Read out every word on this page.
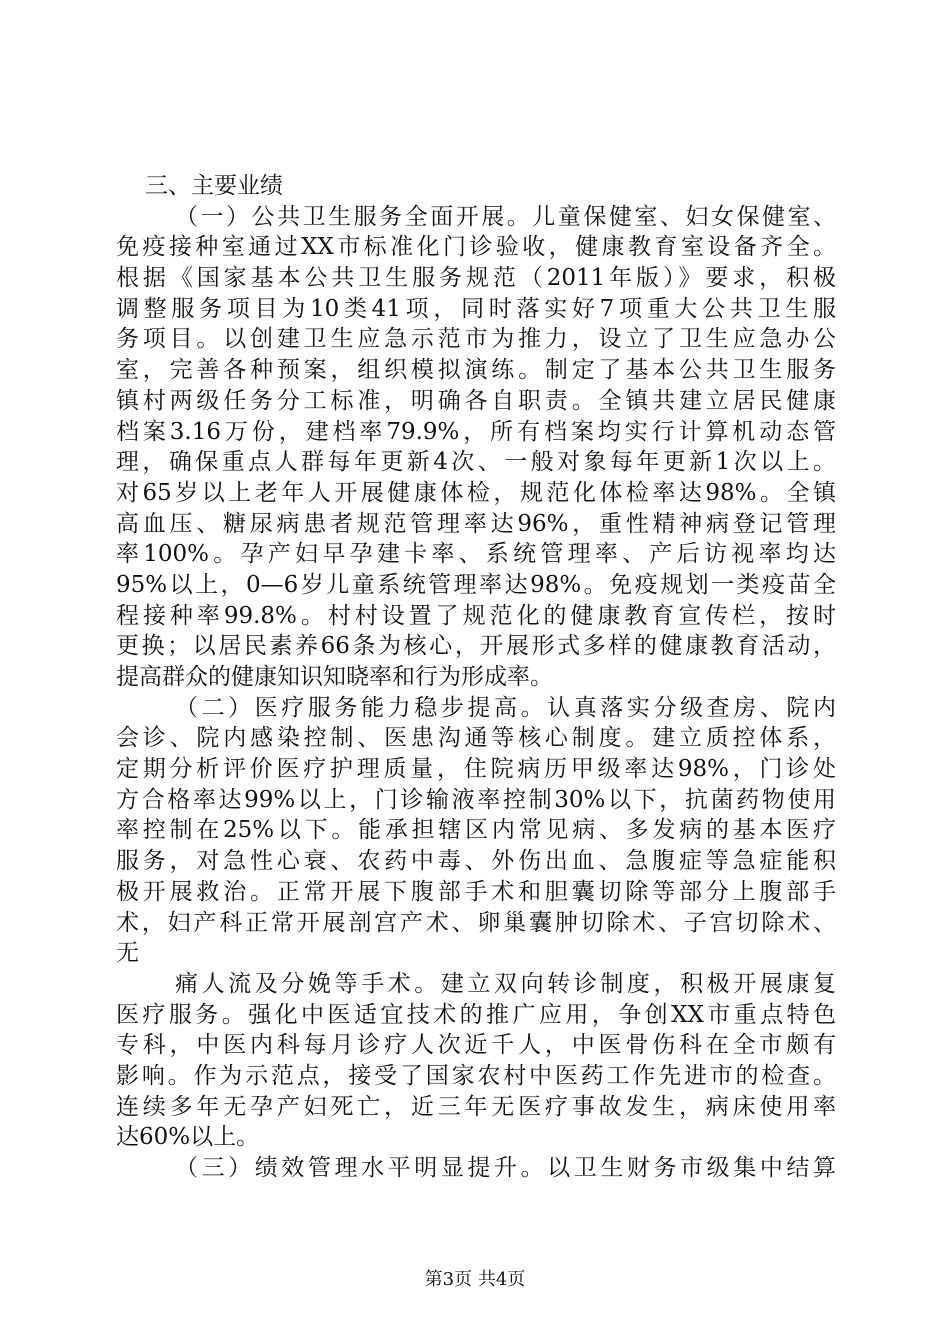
三、主要业绩
（一）公共卫生服务全面开展。儿童保健室、妇女保健室、
免疫接种室通过XX市标准化门诊验收，健康教育室设备齐全。
根据《国家基本公共卫生服务规范（2011年版）》要求，积极
调整服务项目为10类41项，同时落实好7项重大公共卫生服
务项目。以创建卫生应急示范市为推力，设立了卫生应急办公
室，完善各种预案，组织模拟演练。制定了基本公共卫生服务
镇村两级任务分工标准，明确各自职责。全镇共建立居民健康
档案3.16万份，建档率79.9%，所有档案均实行计算机动态管
理，确保重点人群每年更新4次、一般对象每年更新1次以上。
对65岁以上老年人开展健康体检，规范化体检率达98%。全镇
高血压、糖尿病患者规范管理率达96%，重性精神病登记管理
率100%。孕产妇早孕建卡率、系统管理率、产后访视率均达
95%以上，0—6岁儿童系统管理率达98%。免疫规划一类疫苗全
程接种率99.8%。村村设置了规范化的健康教育宣传栏，按时
更换；以居民素养66条为核心，开展形式多样的健康教育活动，
提高群众的健康知识知晓率和行为形成率。
（二）医疗服务能力稳步提高。认真落实分级查房、院内
会诊、院内感染控制、医患沟通等核心制度。建立质控体系，
定期分析评价医疗护理质量，住院病历甲级率达98%，门诊处
方合格率达99%以上，门诊输液率控制30%以下，抗菌药物使用
率控制在25%以下。能承担辖区内常见病、多发病的基本医疗
服务，对急性心衰、农药中毒、外伤出血、急腹症等急症能积
极开展救治。正常开展下腹部手术和胆囊切除等部分上腹部手
术，妇产科正常开展剖宫产术、卵巢囊肿切除术、子宫切除术、
无
痛人流及分娩等手术。建立双向转诊制度，积极开展康复
医疗服务。强化中医适宜技术的推广应用，争创XX市重点特色
专科，中医内科每月诊疗人次近千人，中医骨伤科在全市颇有
影响。作为示范点，接受了国家农村中医药工作先进市的检查。
连续多年无孕产妇死亡，近三年无医疗事故发生，病床使用率
达60%以上。
（三）绩效管理水平明显提升。以卫生财务市级集中结算
第3页 共4页
